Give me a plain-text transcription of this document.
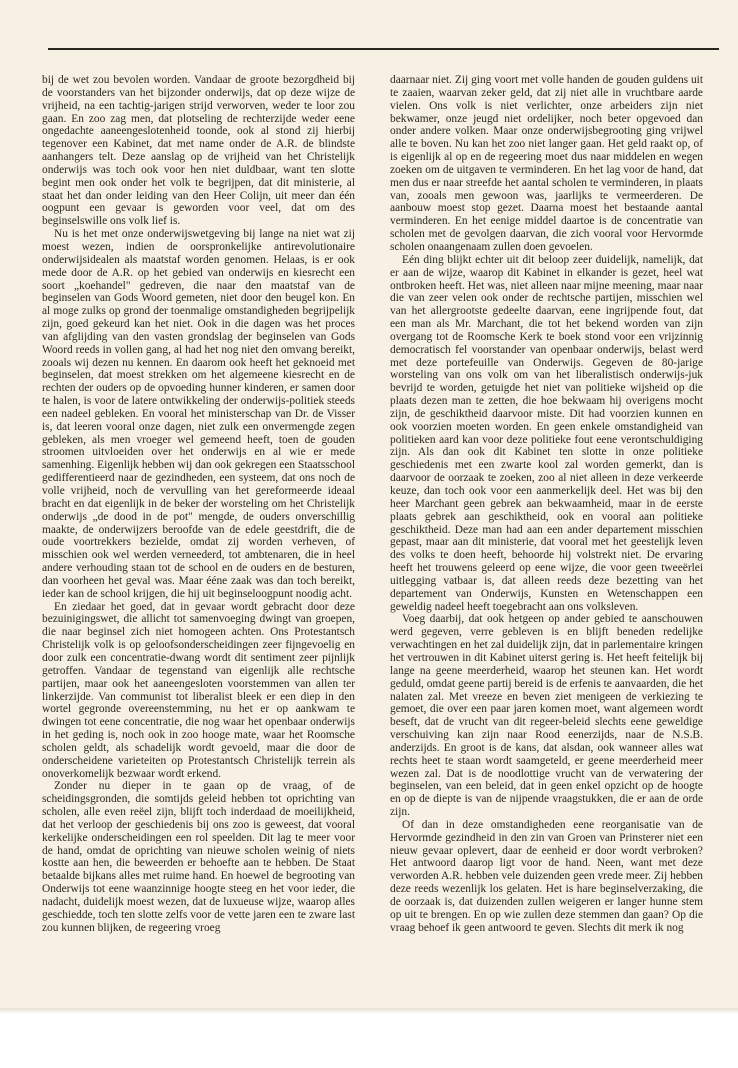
bij de wet zou bevolen worden. Vandaar de groote bezorgdheid bij de voorstanders van het bijzonder onderwijs, dat op deze wijze de vrijheid, na een tachtig-jarigen strijd verworven, weder te loor zou gaan. En zoo zag men, dat plotseling de rechterzijde weder eene ongedachte aaneengeslotenheid toonde, ook al stond zij hierbij tegenover een Kabinet, dat met name onder de A.R. de blindste aanhangers telt. Deze aanslag op de vrijheid van het Christelijk onderwijs was toch ook voor hen niet duldbaar, want ten slotte begint men ook onder het volk te begrijpen, dat dit ministerie, al staat het dan onder leiding van den Heer Colijn, uit meer dan één oogpunt een gevaar is geworden voor veel, dat om des beginselswille ons volk lief is.

Nu is het met onze onderwijswetgeving bij lange na niet wat zij moest wezen, indien de oorspronkelijke antirevolutionaire onderwijsidealen als maatstaf worden genomen. Helaas, is er ook mede door de A.R. op het gebied van onderwijs en kiesrecht een soort „koehandel" gedreven, die naar den maatstaf van de beginselen van Gods Woord gemeten, niet door den beugel kon. En al moge zulks op grond der toenmalige omstandigheden begrijpelijk zijn, goed gekeurd kan het niet. Ook in die dagen was het proces van afglijding van den vasten grondslag der beginselen van Gods Woord reeds in vollen gang, al had het nog niet den omvang bereikt, zooals wij dezen nu kennen. En daarom ook heeft het geknoeid met beginselen, dat moest strekken om het algemeene kiesrecht en de rechten der ouders op de opvoeding hunner kinderen, er samen door te halen, is voor de latere ontwikkeling der onderwijs-politiek steeds een nadeel gebleken. En vooral het ministerschap van Dr. de Visser is, dat leeren vooral onze dagen, niet zulk een onvermengde zegen gebleken, als men vroeger wel gemeend heeft, toen de gouden stroomen uitvloeiden over het onderwijs en al wie er mede samenhing. Eigenlijk hebben wij dan ook gekregen een Staatsschool gedifferentieerd naar de gezindheden, een systeem, dat ons noch de volle vrijheid, noch de vervulling van het gereformeerde ideaal bracht en dat eigenlijk in de beker der worsteling om het Christelijk onderwijs „de dood in de pot" mengde, de ouders onverschillig maakte, de onderwijzers beroofde van de edele geestdrift, die de oude voortrekkers bezielde, omdat zij worden verheven, of misschien ook wel werden verneederd, tot ambtenaren, die in heel andere verhouding staan tot de school en de ouders en de besturen, dan voorheen het geval was. Maar ééne zaak was dan toch bereikt, ieder kan de school krijgen, die hij uit beginseloogpunt noodig acht.

En ziedaar het goed, dat in gevaar wordt gebracht door deze bezuinigingswet, die allicht tot samenvoeging dwingt van groepen, die naar beginsel zich niet homogeen achten. Ons Protestantsch Christelijk volk is op geloofsonderscheidingen zeer fijngevoelig en door zulk een concentratie-dwang wordt dit sentiment zeer pijnlijk getroffen. Vandaar de tegenstand van eigenlijk alle rechtsche partijen, maar ook het aaneengesloten voorstemmen van allen ter linkerzijde. Van communist tot liberalist bleek er een diep in den wortel gegronde overeenstemming, nu het er op aankwam te dwingen tot eene concentratie, die nog waar het openbaar onderwijs in het geding is, noch ook in zoo hooge mate, waar het Roomsche scholen geldt, als schadelijk wordt gevoeld, maar die door de onderscheidene varieteiten op Protestantsch Christelijk terrein als onoverkomelijk bezwaar wordt erkend.

Zonder nu dieper in te gaan op de vraag, of de scheidingsgronden, die somtijds geleid hebben tot oprichting van scholen, alle even reëel zijn, blijft toch inderdaad de moeilijkheid, dat het verloop der geschiedenis bij ons zoo is geweest, dat vooral kerkelijke onderscheidingen een rol speelden. Dit lag te meer voor de hand, omdat de oprichting van nieuwe scholen weinig of niets kostte aan hen, die beweerden er behoefte aan te hebben. De Staat betaalde bijkans alles met ruime hand. En hoewel de begrooting van Onderwijs tot eene waanzinnige hoogte steeg en het voor ieder, die nadacht, duidelijk moest wezen, dat de luxueuse wijze, waarop alles geschiedde, toch ten slotte zelfs voor de vette jaren een te zware last zou kunnen blijken, de regeering vroeg

daarnaar niet. Zij ging voort met volle handen de gouden guldens uit te zaaien, waarvan zeker geld, dat zij niet alle in vruchtbare aarde vielen. Ons volk is niet verlichter, onze arbeiders zijn niet bekwamer, onze jeugd niet ordelijker, noch beter opgevoed dan onder andere volken. Maar onze onderwijsbegrooting ging vrijwel alle te boven. Nu kan het zoo niet langer gaan. Het geld raakt op, of is eigenlijk al op en de regeering moet dus naar middelen en wegen zoeken om de uitgaven te verminderen. En het lag voor de hand, dat men dus er naar streefde het aantal scholen te verminderen, in plaats van, zooals men gewoon was, jaarlijks te vermeerderen. De aanbouw moest stop gezet. Daarna moest het bestaande aantal verminderen. En het eenige middel daartoe is de concentratie van scholen met de gevolgen daarvan, die zich vooral voor Hervormde scholen onaangenaam zullen doen gevoelen.

Eén ding blijkt echter uit dit beloop zeer duidelijk, namelijk, dat er aan de wijze, waarop dit Kabinet in elkander is gezet, heel wat ontbroken heeft. Het was, niet alleen naar mijne meening, maar naar die van zeer velen ook onder de rechtsche partijen, misschien wel van het allergrootste gedeelte daarvan, eene ingrijpende fout, dat een man als Mr. Marchant, die tot het bekend worden van zijn overgang tot de Roomsche Kerk te boek stond voor een vrijzinnig democratisch fel voorstander van openbaar onderwijs, belast werd met deze portefeuille van Onderwijs. Gegeven de 80-jarige worsteling van ons volk om van het liberalistisch onderwijs-juk bevrijd te worden, getuigde het niet van politieke wijsheid op die plaats dezen man te zetten, die hoe bekwaam hij overigens mocht zijn, de geschiktheid daarvoor miste. Dit had voorzien kunnen en ook voorzien moeten worden. En geen enkele omstandigheid van politieken aard kan voor deze politieke fout eene verontschuldiging zijn. Als dan ook dit Kabinet ten slotte in onze politieke geschiedenis met een zwarte kool zal worden gemerkt, dan is daarvoor de oorzaak te zoeken, zoo al niet alleen in deze verkeerde keuze, dan toch ook voor een aanmerkelijk deel. Het was bij den heer Marchant geen gebrek aan bekwaamheid, maar in de eerste plaats gebrek aan geschiktheid, ook en vooral aan politieke geschiktheid. Deze man had aan een ander departement misschien gepast, maar aan dit ministerie, dat vooral met het geestelijk leven des volks te doen heeft, behoorde hij volstrekt niet. De ervaring heeft het trouwens geleerd op eene wijze, die voor geen tweeërlei uitlegging vatbaar is, dat alleen reeds deze bezetting van het departement van Onderwijs, Kunsten en Wetenschappen een geweldig nadeel heeft toegebracht aan ons volksleven.

Voeg daarbij, dat ook hetgeen op ander gebied te aanschouwen werd gegeven, verre gebleven is en blijft beneden redelijke verwachtingen en het zal duidelijk zijn, dat in parlementaire kringen het vertrouwen in dit Kabinet uiterst gering is. Het heeft feitelijk bij lange na geene meerderheid, waarop het steunen kan. Het wordt geduld, omdat geene partij bereid is de erfenis te aanvaarden, die het nalaten zal. Met vreeze en beven ziet menigeen de verkiezing te gemoet, die over een paar jaren komen moet, want algemeen wordt beseft, dat de vrucht van dit regeer-beleid slechts eene geweldige verschuiving kan zijn naar Rood eenerzijds, naar de N.S.B. anderzijds. En groot is de kans, dat alsdan, ook wanneer alles wat rechts heet te staan wordt saamgeteld, er geene meerderheid meer wezen zal. Dat is de noodlottige vrucht van de verwatering der beginselen, van een beleid, dat in geen enkel opzicht op de hoogte en op de diepte is van de nijpende vraagstukken, die er aan de orde zijn.

Of dan in deze omstandigheden eene reorganisatie van de Hervormde gezindheid in den zin van Groen van Prinsterer niet een nieuw gevaar oplevert, daar de eenheid er door wordt verbroken? Het antwoord daarop ligt voor de hand. Neen, want met deze verworden A.R. hebben vele duizenden geen vrede meer. Zij hebben deze reeds wezenlijk los gelaten. Het is hare beginselverzaking, die de oorzaak is, dat duizenden zullen weigeren er langer hunne stem op uit te brengen. En op wie zullen deze stemmen dan gaan? Op die vraag behoef ik geen antwoord te geven. Slechts dit merk ik nog
